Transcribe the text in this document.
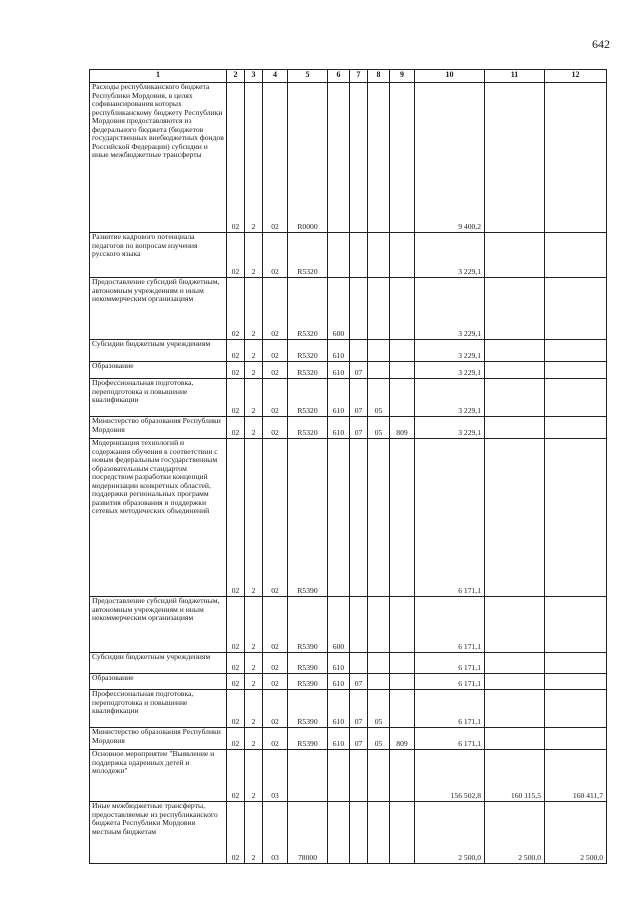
642
1	2	3	4	5	6	7	8	9	10	11	12
Расходы республиканского бюджета Республики Мордовия, в целях софинансирования которых республиканскому бюджету Республики Мордовия предоставляются из федерального бюджета (бюджетов государственных внебюджетных фондов Российской Федерации) субсидии и иные межбюджетные трансферты	02	2	02	R0000					9 400,2		
Развитие кадрового потенциала педагогов по вопросам изучения русского языка	02	2	02	R5320					3 229,1		
Предоставление субсидий бюджетным, автономным учреждениям и иным некоммерческим организациям	02	2	02	R5320	600				3 229,1		
Субсидии бюджетным учреждениям	02	2	02	R5320	610				3 229,1		
Образование	02	2	02	R5320	610	07			3 229,1		
Профессиональная подготовка, переподготовка и повышение квалификации	02	2	02	R5320	610	07	05		3 229,1		
Министерство образования Республики Мордовия	02	2	02	R5320	610	07	05	809	3 229,1		
Модернизация технологий и содержания обучения в соответствии с новым федеральным государственным образовательным стандартом посредством разработки концепций модернизации конкретных областей, поддержки региональных программ развития образования и поддержки сетевых методических объединений	02	2	02	R5390					6 171,1		
Предоставление субсидий бюджетным, автономным учреждениям и иным некоммерческим организациям	02	2	02	R5390	600				6 171,1		
Субсидии бюджетным учреждениям	02	2	02	R5390	610				6 171,1		
Образование	02	2	02	R5390	610	07			6 171,1		
Профессиональная подготовка, переподготовка и повышение квалификации	02	2	02	R5390	610	07	05		6 171,1		
Министерство образования Республики Мордовия	02	2	02	R5390	610	07	05	809	6 171,1		
Основное мероприятие "Выявление и поддержка одаренных детей и молодежи"	02	2	03						156 502,8	160 115,5	160 411,7
Иные межбюджетные трансферты, предоставляемые из республиканского бюджета Республики Мордовия местным бюджетам	02	2	03	78000					2 500,0	2 500,0	2 500,0
